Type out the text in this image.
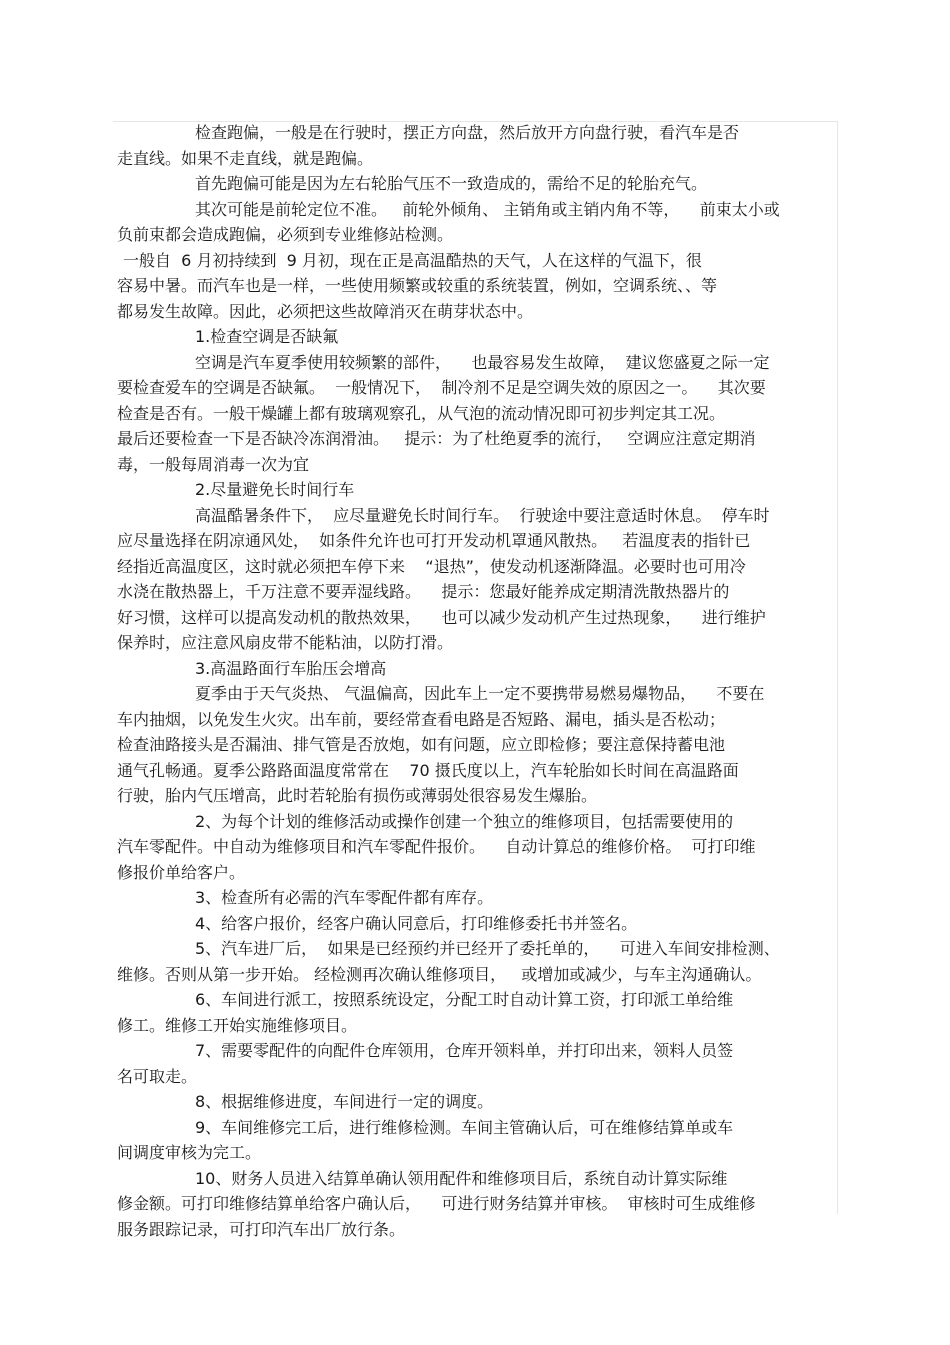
检查跑偏，一般是在行驶时，摆正方向盘，然后放开方向盘行驶，看汽车是否
走直线。如果不走直线，就是跑偏。
首先跑偏可能是因为左右轮胎气压不一致造成的，需给不足的轮胎充气。
其次可能是前轮定位不准。   前轮外倾角、 主销角或主销内角不等，    前束太小或
负前束都会造成跑偏，必须到专业维修站检测。
一般自  6 月初持续到  9 月初，现在正是高温酷热的天气，人在这样的气温下，很
容易中暑。而汽车也是一样，一些使用频繁或较重的系统装置，例如，空调系统、、等
都易发生故障。因此，必须把这些故障消灭在萌芽状态中。
1.检查空调是否缺氟
空调是汽车夏季使用较频繁的部件，    也最容易发生故障，  建议您盛夏之际一定
要检查爱车的空调是否缺氟。  一般情况下，  制冷剂不足是空调失效的原因之一。    其次要
检查是否有。一般干燥罐上都有玻璃观察孔，从气泡的流动情况即可初步判定其工况。
最后还要检查一下是否缺冷冻润滑油。   提示：为了杜绝夏季的流行，   空调应注意定期消
毒，一般每周消毒一次为宜
2.尽量避免长时间行车
高温酷暑条件下，  应尽量避免长时间行车。  行驶途中要注意适时休息。  停车时
应尽量选择在阴凉通风处，  如条件允许也可打开发动机罩通风散热。   若温度表的指针已
经指近高温度区，这时就必须把车停下来    “退热”，使发动机逐渐降温。必要时也可用冷
水浇在散热器上，千万注意不要弄湿线路。    提示：您最好能养成定期清洗散热器片的
好习惯，这样可以提高发动机的散热效果，    也可以减少发动机产生过热现象，    进行维护
保养时，应注意风扇皮带不能粘油，以防打滑。
3.高温路面行车胎压会增高
夏季由于天气炎热、 气温偏高，因此车上一定不要携带易燃易爆物品，    不要在
车内抽烟，以免发生火灾。出车前，要经常查看电路是否短路、漏电，插头是否松动；
检查油路接头是否漏油、排气管是否放炮，如有问题，应立即检修；要注意保持蓄电池
通气孔畅通。夏季公路路面温度常常在    70 摄氏度以上，汽车轮胎如长时间在高温路面
行驶，胎内气压增高，此时若轮胎有损伤或薄弱处很容易发生爆胎。
2、为每个计划的维修活动或操作创建一个独立的维修项目，包括需要使用的
汽车零配件。中自动为维修项目和汽车零配件报价。    自动计算总的维修价格。  可打印维
修报价单给客户。
3、检查所有必需的汽车零配件都有库存。
4、给客户报价，经客户确认同意后，打印维修委托书并签名。
5、汽车进厂后，  如果是已经预约并已经开了委托单的，    可进入车间安排检测、
维修。否则从第一步开始。 经检测再次确认维修项目，   或增加或减少，与车主沟通确认。
6、车间进行派工，按照系统设定，分配工时自动计算工资，打印派工单给维
修工。维修工开始实施维修项目。
7、需要零配件的向配件仓库领用，仓库开领料单，并打印出来，领料人员签
名可取走。
8、根据维修进度，车间进行一定的调度。
9、车间维修完工后，进行维修检测。车间主管确认后，可在维修结算单或车
间调度审核为完工。
10、财务人员进入结算单确认领用配件和维修项目后，系统自动计算实际维
修金额。可打印维修结算单给客户确认后，    可进行财务结算并审核。  审核时可生成维修
服务跟踪记录，可打印汽车出厂放行条。
